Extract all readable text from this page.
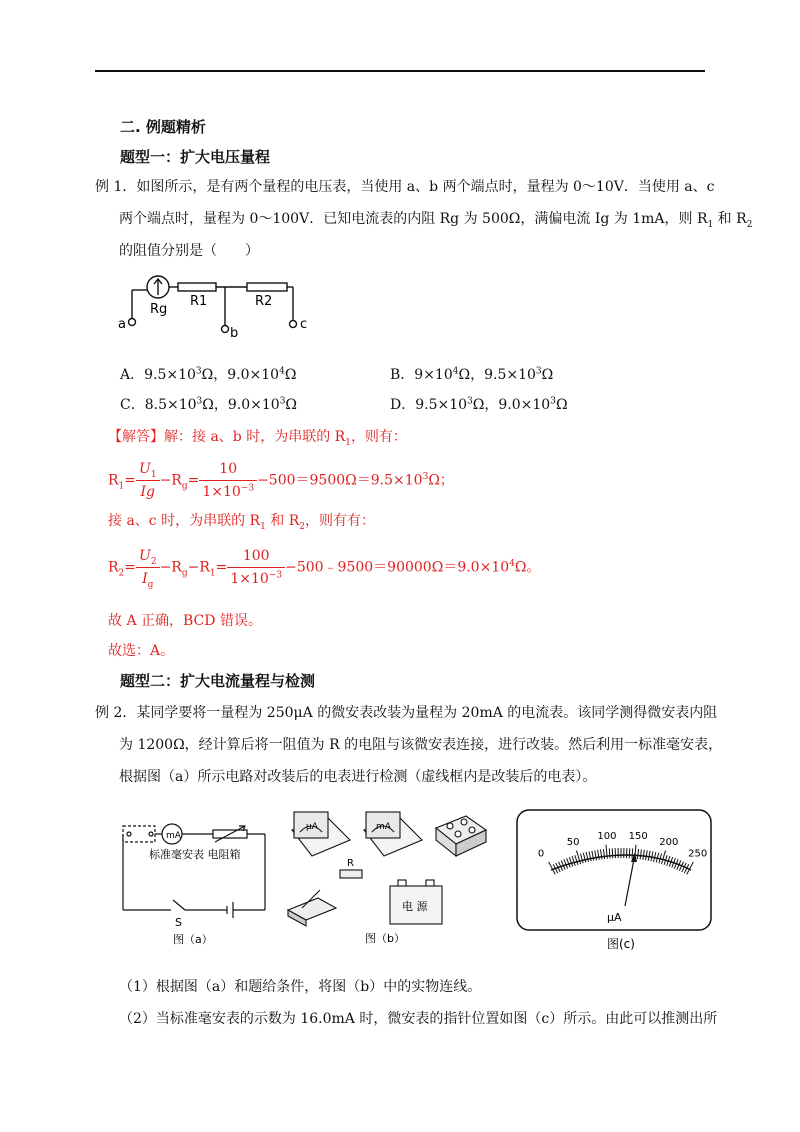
二. 例题精析
题型一：扩大电压量程
例 1．如图所示，是有两个量程的电压表，当使用 a、b 两个端点时，量程为 0～10V．当使用 a、c
两个端点时，量程为 0～100V．已知电流表的内阻 Rg 为 500Ω，满偏电流 Ig 为 1mA，则 $R_1$ 和 $R_2$
的阻值分别是（　　）
Rg
R1	R2
a
b
c
A．$9.5\times 10^3\Omega$，$9.0\times 10^4\Omega$	B．$9\times 10^4\Omega$，$9.5\times 10^3\Omega$
C．$8.5\times 10^3\Omega$，$9.0\times 10^3\Omega$	D．$9.5\times 10^3\Omega$，$9.0\times 10^3\Omega$
【解答】解：接 a、b 时，为串联的 $R_1$，则有：
$R_1= \frac{U_1}{Ig} -R_g= \frac{10}{1\times 10^{-3}} -500=9500\Omega=9.5\times 10^3\Omega$；
接 a、c 时，为串联的 $R_1$ 和 $R_2$，则有有：
$R_2= \frac{U_2}{I_g} -R_g-R_1= \frac{100}{1\times 10^{-3}}$ $-500﹣9500=90000\Omega=9.0\times 10^4\Omega$。
故 A 正确，BCD 错误。
故选：A。
题型二：扩大电流量程与检测
例 2．某同学要将一量程为 250μA 的微安表改装为量程为 20mA 的电流表。该同学测得微安表内阻
为 1200Ω，经计算后将一阻值为 R 的电阻与该微安表连接，进行改装。然后利用一标准毫安表，
根据图（a）所示电路对改装后的电表进行检测（虚线框内是改装后的电表）。
mA
标准毫安表 电阻箱
S
图（a）
μA	mA
R
电 源
图（b）
0
50
100 150
200
250
μA
图(c)
（1）根据图（a）和题给条件，将图（b）中的实物连线。
（2）当标准毫安表的示数为 16.0mA 时，微安表的指针位置如图（c）所示。由此可以推测出所
